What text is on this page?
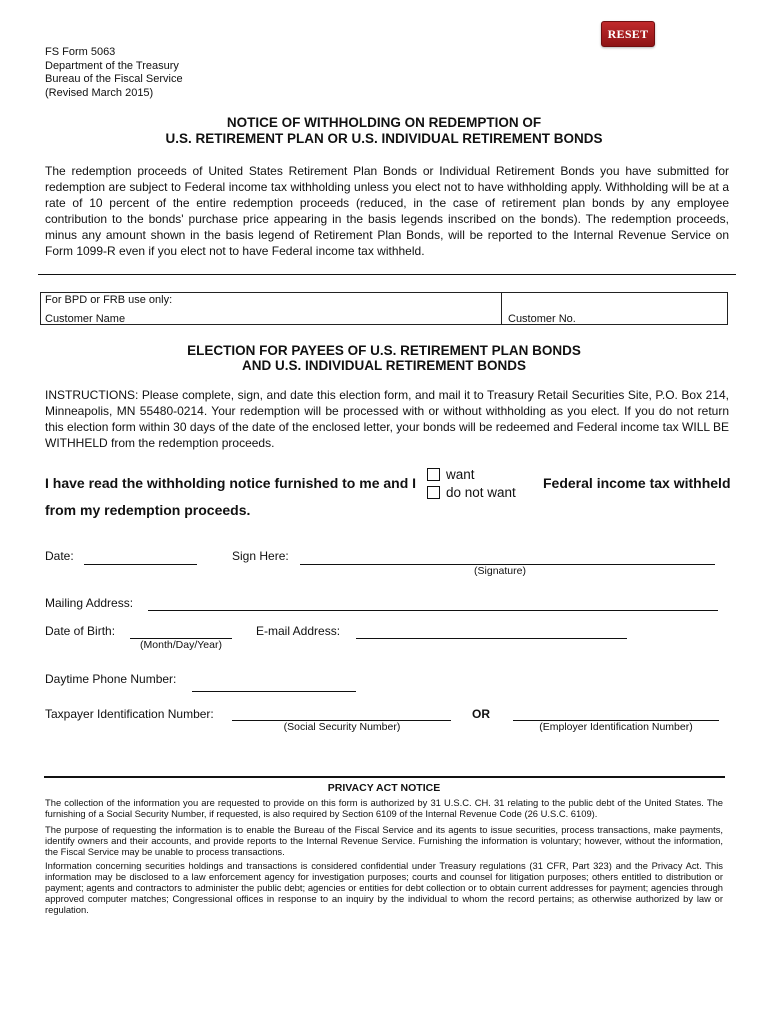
FS Form 5063
Department of the Treasury
Bureau of the Fiscal Service
(Revised March 2015)
RESET
NOTICE OF WITHHOLDING ON REDEMPTION OF
U.S. RETIREMENT PLAN OR U.S. INDIVIDUAL RETIREMENT BONDS
The redemption proceeds of United States Retirement Plan Bonds or Individual Retirement Bonds you have submitted for redemption are subject to Federal income tax withholding unless you elect not to have withholding apply. Withholding will be at a rate of 10 percent of the entire redemption proceeds (reduced, in the case of retirement plan bonds by any employee contribution to the bonds' purchase price appearing in the basis legends inscribed on the bonds). The redemption proceeds, minus any amount shown in the basis legend of Retirement Plan Bonds, will be reported to the Internal Revenue Service on Form 1099-R even if you elect not to have Federal income tax withheld.
For BPD or FRB use only:
Customer Name	Customer No.
ELECTION FOR PAYEES OF U.S. RETIREMENT PLAN BONDS
AND U.S. INDIVIDUAL RETIREMENT BONDS
INSTRUCTIONS: Please complete, sign, and date this election form, and mail it to Treasury Retail Securities Site, P.O. Box 214, Minneapolis, MN 55480-0214. Your redemption will be processed with or without withholding as you elect. If you do not return this election form within 30 days of the date of the enclosed letter, your bonds will be redeemed and Federal income tax WILL BE WITHHELD from the redemption proceeds.
I have read the withholding notice furnished to me and I
want
do not want
Federal income tax withheld
from my redemption proceeds.
Date:	Sign Here:
(Signature)
Mailing Address:
Date of Birth:
(Month/Day/Year)
E-mail Address:
Daytime Phone Number:
Taxpayer Identification Number:
(Social Security Number)
OR
(Employer Identification Number)
PRIVACY ACT NOTICE
The collection of the information you are requested to provide on this form is authorized by 31 U.S.C. CH. 31 relating to the public debt of the United States. The furnishing of a Social Security Number, if requested, is also required by Section 6109 of the Internal Revenue Code (26 U.S.C. 6109).
The purpose of requesting the information is to enable the Bureau of the Fiscal Service and its agents to issue securities, process transactions, make payments, identify owners and their accounts, and provide reports to the Internal Revenue Service. Furnishing the information is voluntary; however, without the information, the Fiscal Service may be unable to process transactions.
Information concerning securities holdings and transactions is considered confidential under Treasury regulations (31 CFR, Part 323) and the Privacy Act. This information may be disclosed to a law enforcement agency for investigation purposes; courts and counsel for litigation purposes; others entitled to distribution or payment; agents and contractors to administer the public debt; agencies or entities for debt collection or to obtain current addresses for payment; agencies through approved computer matches; Congressional offices in response to an inquiry by the individual to whom the record pertains; as otherwise authorized by law or regulation.
